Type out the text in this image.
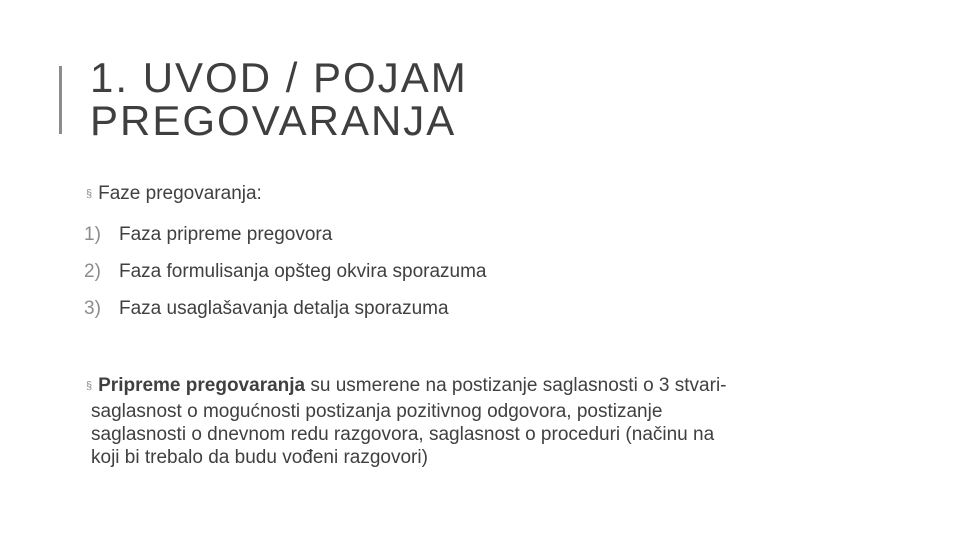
1. UVOD / POJAM
PREGOVARANJA
§ Faze pregovaranja:
1) Faza pripreme pregovora
2) Faza formulisanja opšteg okvira sporazuma
3) Faza usaglašavanja detalja sporazuma
§ Pripreme pregovaranja su usmerene na postizanje saglasnosti o 3 stvari-
saglasnost o mogućnosti postizanja pozitivnog odgovora, postizanje
saglasnosti o dnevnom redu razgovora, saglasnost o proceduri (načinu na
koji bi trebalo da budu vođeni razgovori)
